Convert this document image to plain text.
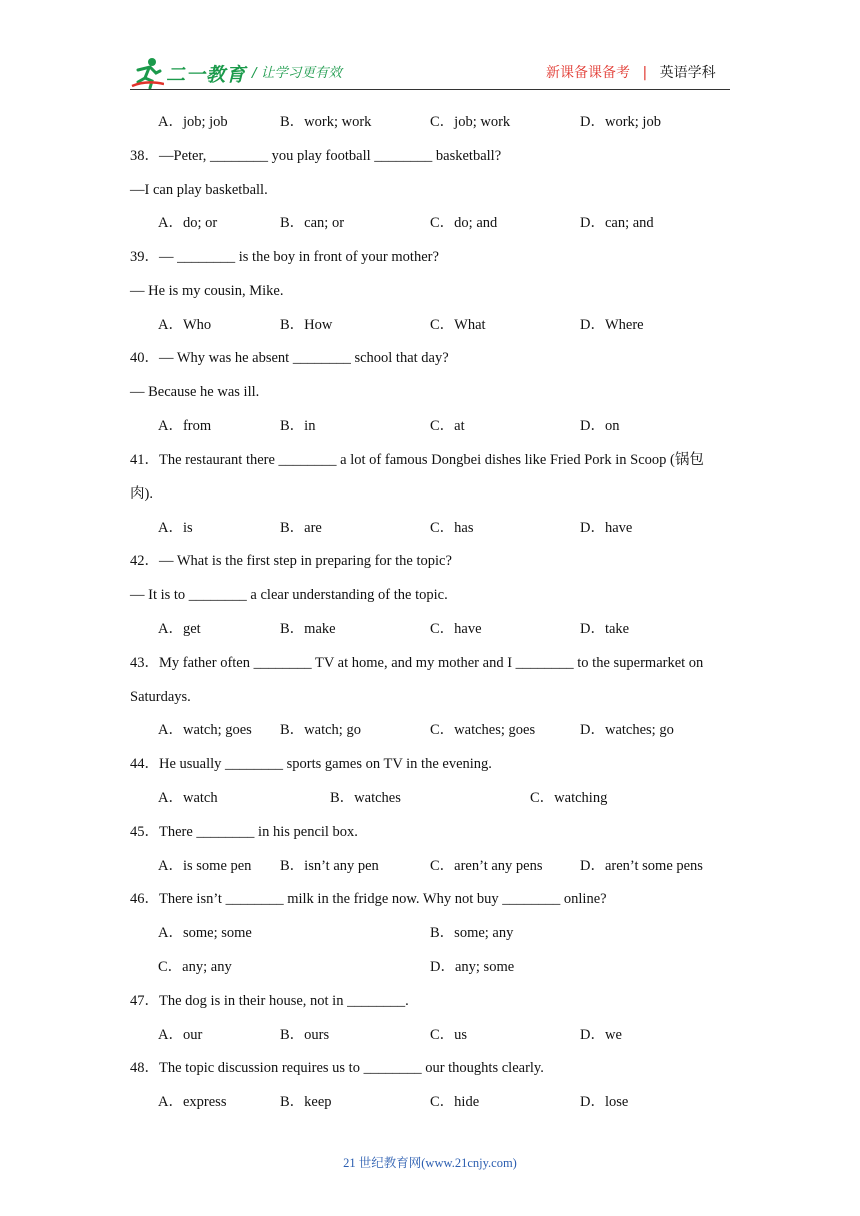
二一教育 / 让学习更有效	新课备课备考 | 英语学科
A．job; job	B．work; work	C．job; work	D．work; job
38．—Peter, ________ you play football ________ basketball?
—I can play basketball.
A．do; or	B．can; or	C．do; and	D．can; and
39．— ________ is the boy in front of your mother?
— He is my cousin, Mike.
A．Who	B．How	C．What	D．Where
40．— Why was he absent ________ school that day?
— Because he was ill.
A．from	B．in	C．at	D．on
41．The restaurant there ________ a lot of famous Dongbei dishes like Fried Pork in Scoop (锅包
肉).
A．is	B．are	C．has	D．have
42．— What is the first step in preparing for the topic?
— It is to ________ a clear understanding of the topic.
A．get	B．make	C．have	D．take
43．My father often ________ TV at home, and my mother and I ________ to the supermarket on
Saturdays.
A．watch; goes B．watch; go	C．watches; goes	D．watches; go
44．He usually ________ sports games on TV in the evening.
A．watch	B．watches	C．watching
45．There ________ in his pencil box.
A．is some pen B．isn’t any pen	C．aren’t any pens	D．aren’t some pens
46．There isn’t ________ milk in the fridge now. Why not buy ________ online?
A．some; some	B．some; any
C．any; any	D．any; some
47．The dog is in their house, not in ________.
A．our	B．ours	C．us	D．we
48．The topic discussion requires us to ________ our thoughts clearly.
A．express	B．keep	C．hide	D．lose
21 世纪教育网(www.21cnjy.com)
